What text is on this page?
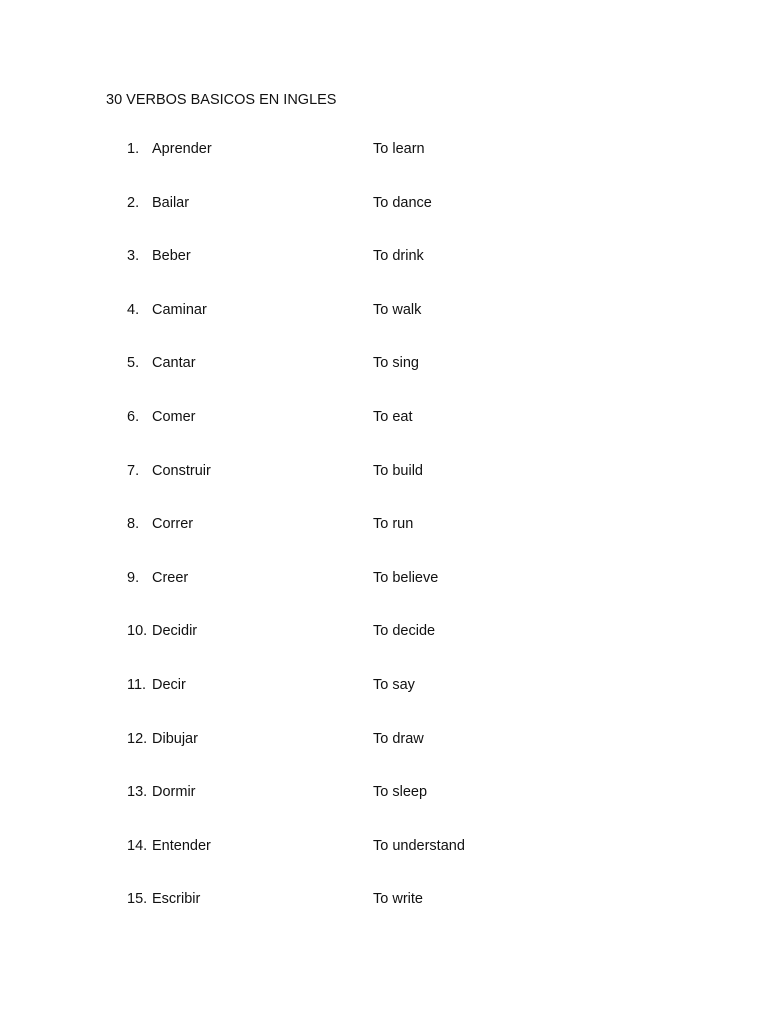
30 VERBOS BASICOS EN INGLES
1. Aprender	To learn
2. Bailar	To dance
3. Beber	To drink
4. Caminar	To walk
5. Cantar	To sing
6. Comer	To eat
7. Construir	To build
8. Correr	To run
9. Creer	To believe
10. Decidir	To decide
11. Decir	To say
12. Dibujar	To draw
13. Dormir	To sleep
14. Entender	To understand
15. Escribir	To write
